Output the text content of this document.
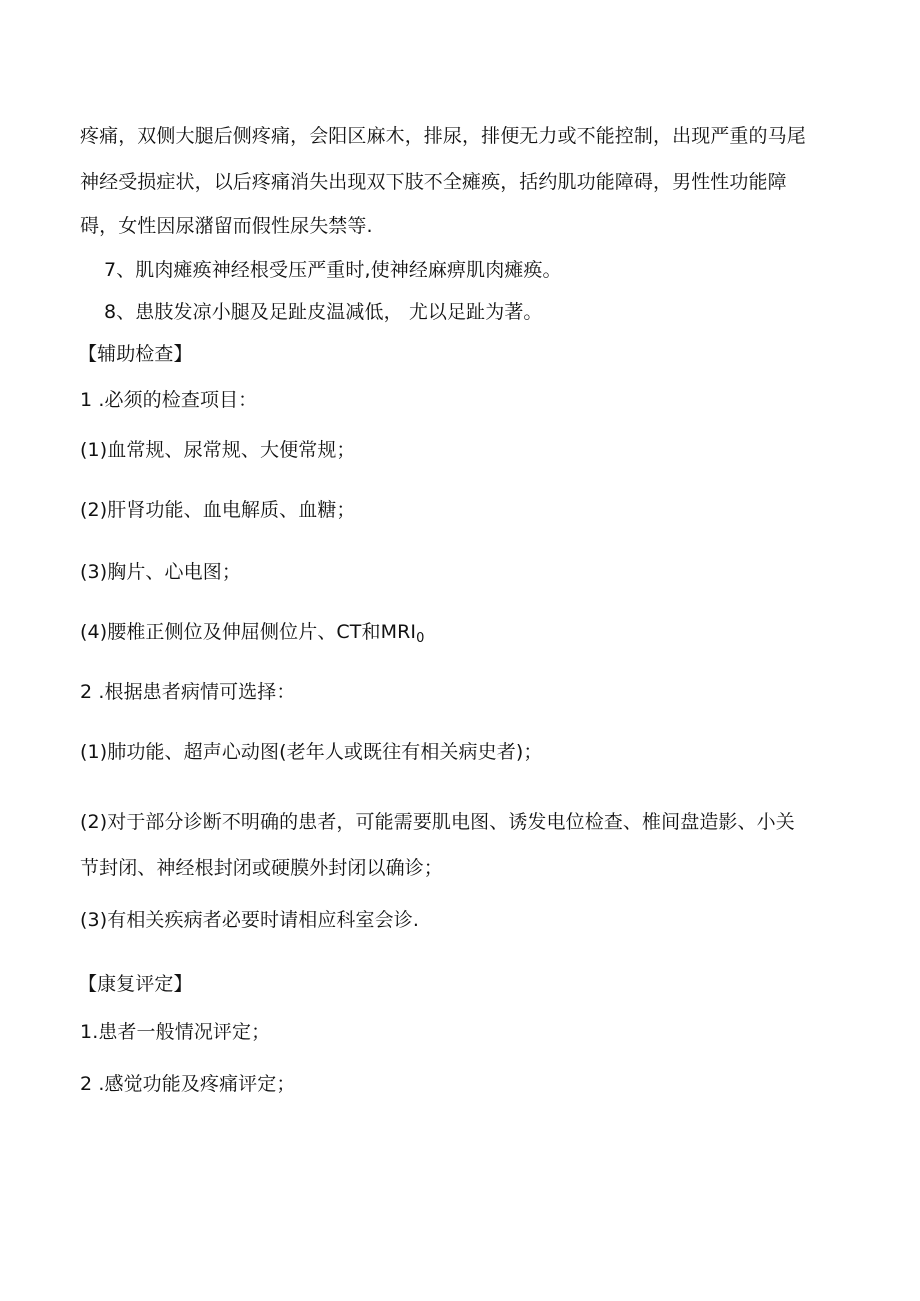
疼痛，双侧大腿后侧疼痛，会阳区麻木，排尿，排便无力或不能控制，出现严重的马尾
神经受损症状，以后疼痛消失出现双下肢不全瘫痪，括约肌功能障碍，男性性功能障
碍，女性因尿潴留而假性尿失禁等.
7、肌肉瘫痪神经根受压严重时,使神经麻痹肌肉瘫痪。
8、患肢发凉小腿及足趾皮温减低， 尤以足趾为著。
【辅助检查】
1 .必须的检查项目：
(1)血常规、尿常规、大便常规；
(2)肝肾功能、血电解质、血糖；
(3)胸片、心电图；
(4)腰椎正侧位及伸屈侧位片、CT和$MRI_0$
2 .根据患者病情可选择：
(1)肺功能、超声心动图(老年人或既往有相关病史者)；
(2)对于部分诊断不明确的患者，可能需要肌电图、诱发电位检查、椎间盘造影、小关
节封闭、神经根封闭或硬膜外封闭以确诊；
(3)有相关疾病者必要时请相应科室会诊.
【康复评定】
1.患者一般情况评定；
2 .感觉功能及疼痛评定；
